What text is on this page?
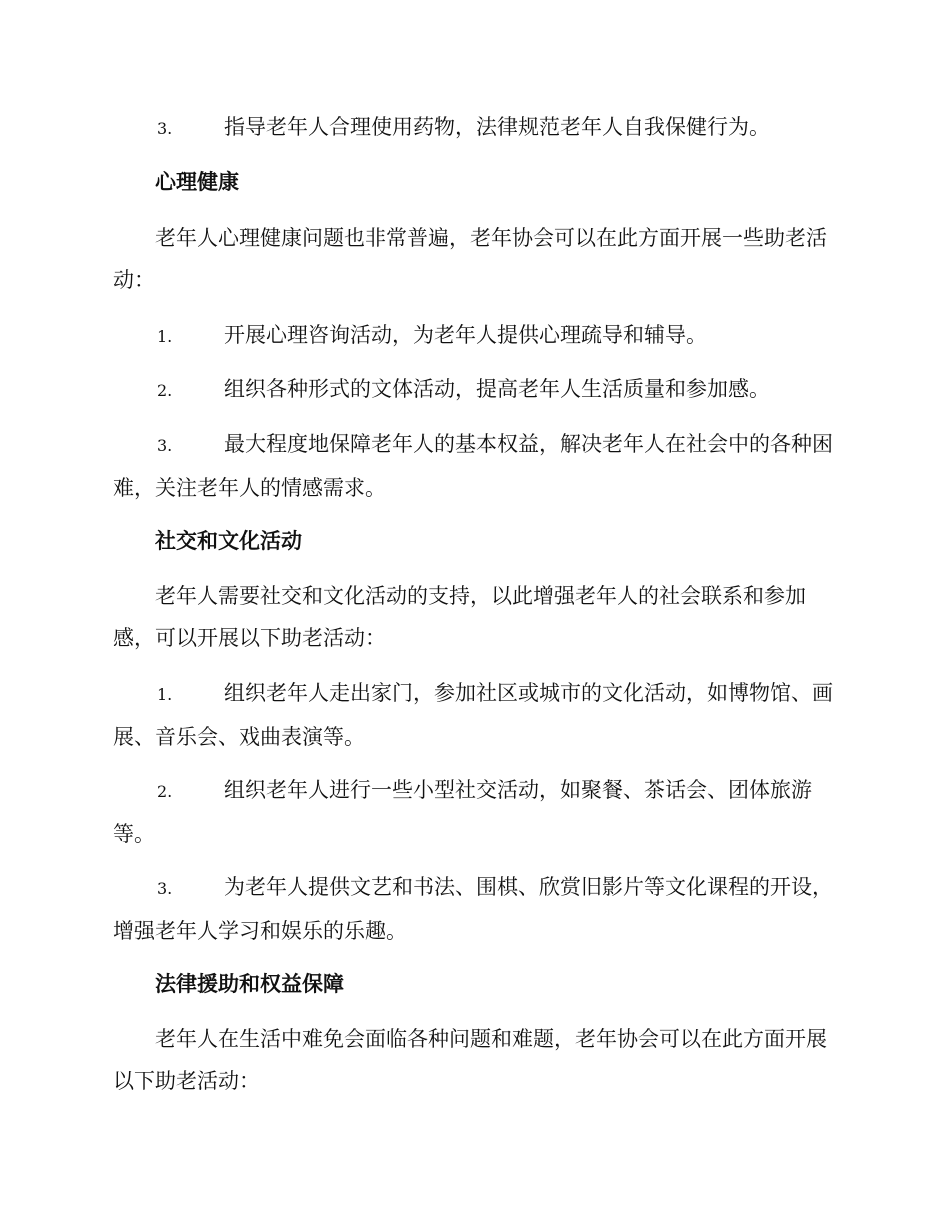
3. 指导老年人合理使用药物，法律规范老年人自我保健行为。

心理健康

老年人心理健康问题也非常普遍，老年协会可以在此方面开展一些助老活动：

1. 开展心理咨询活动，为老年人提供心理疏导和辅导。

2. 组织各种形式的文体活动，提高老年人生活质量和参加感。

3. 最大程度地保障老年人的基本权益，解决老年人在社会中的各种困难，关注老年人的情感需求。

社交和文化活动

老年人需要社交和文化活动的支持，以此增强老年人的社会联系和参加感，可以开展以下助老活动：

1. 组织老年人走出家门，参加社区或城市的文化活动，如博物馆、画展、音乐会、戏曲表演等。

2. 组织老年人进行一些小型社交活动，如聚餐、茶话会、团体旅游等。

3. 为老年人提供文艺和书法、围棋、欣赏旧影片等文化课程的开设，增强老年人学习和娱乐的乐趣。

法律援助和权益保障

老年人在生活中难免会面临各种问题和难题，老年协会可以在此方面开展以下助老活动：
